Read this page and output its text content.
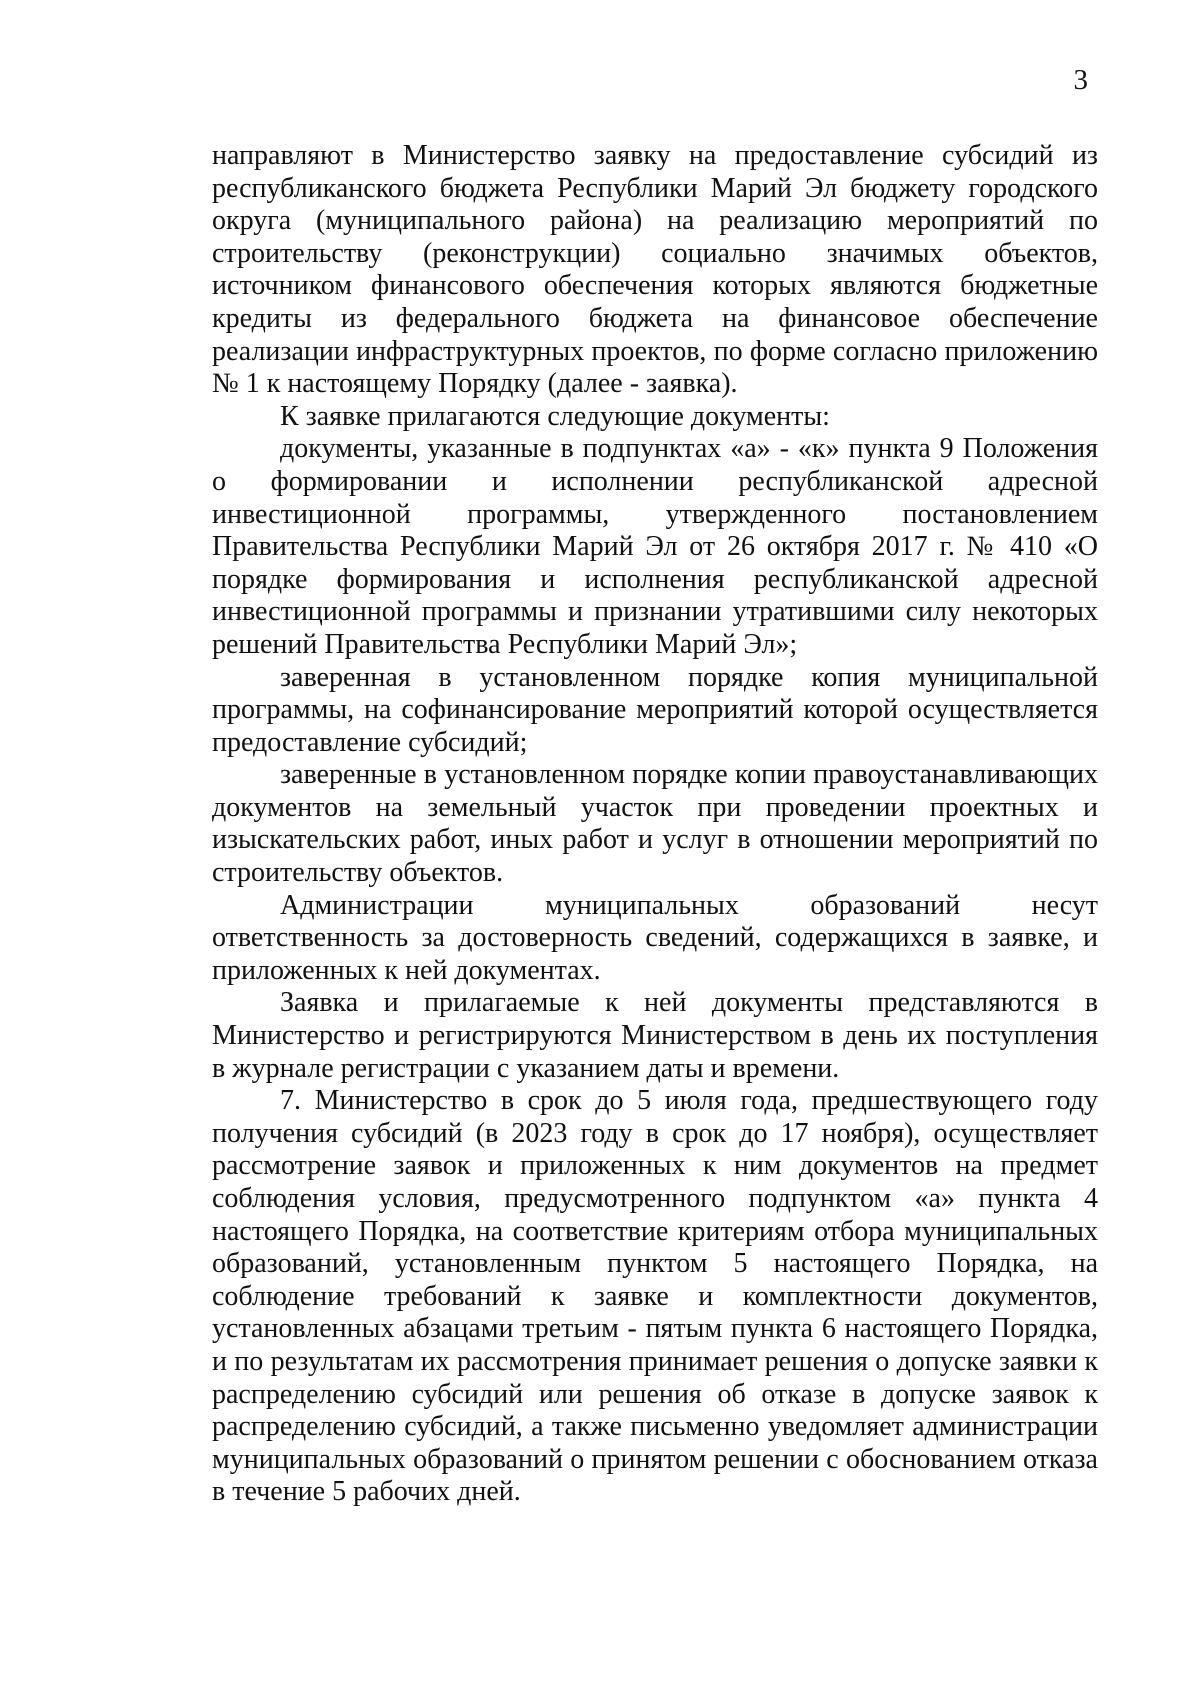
3

направляют в Министерство заявку на предоставление субсидий из республиканского бюджета Республики Марий Эл бюджету городского округа (муниципального района) на реализацию мероприятий по строительству (реконструкции) социально значимых объектов, источником финансового обеспечения которых являются бюджетные кредиты из федерального бюджета на финансовое обеспечение реализации инфраструктурных проектов, по форме согласно приложению № 1 к настоящему Порядку (далее - заявка).

К заявке прилагаются следующие документы:

документы, указанные в подпунктах «а» - «к» пункта 9 Положения о формировании и исполнении республиканской адресной инвестиционной программы, утвержденного постановлением Правительства Республики Марий Эл от 26 октября 2017 г. № 410 «О порядке формирования и исполнения республиканской адресной инвестиционной программы и признании утратившими силу некоторых решений Правительства Республики Марий Эл»;

заверенная в установленном порядке копия муниципальной программы, на софинансирование мероприятий которой осуществляется предоставление субсидий;

заверенные в установленном порядке копии правоустанавливающих документов на земельный участок при проведении проектных и изыскательских работ, иных работ и услуг в отношении мероприятий по строительству объектов.

Администрации муниципальных образований несут ответственность за достоверность сведений, содержащихся в заявке, и приложенных к ней документах.

Заявка и прилагаемые к ней документы представляются в Министерство и регистрируются Министерством в день их поступления в журнале регистрации с указанием даты и времени.

7. Министерство в срок до 5 июля года, предшествующего году получения субсидий (в 2023 году в срок до 17 ноября), осуществляет рассмотрение заявок и приложенных к ним документов на предмет соблюдения условия, предусмотренного подпунктом «а» пункта 4 настоящего Порядка, на соответствие критериям отбора муниципальных образований, установленным пунктом 5 настоящего Порядка, на соблюдение требований к заявке и комплектности документов, установленных абзацами третьим - пятым пункта 6 настоящего Порядка, и по результатам их рассмотрения принимает решения о допуске заявки к распределению субсидий или решения об отказе в допуске заявок к распределению субсидий, а также письменно уведомляет администрации муниципальных образований о принятом решении с обоснованием отказа в течение 5 рабочих дней.
